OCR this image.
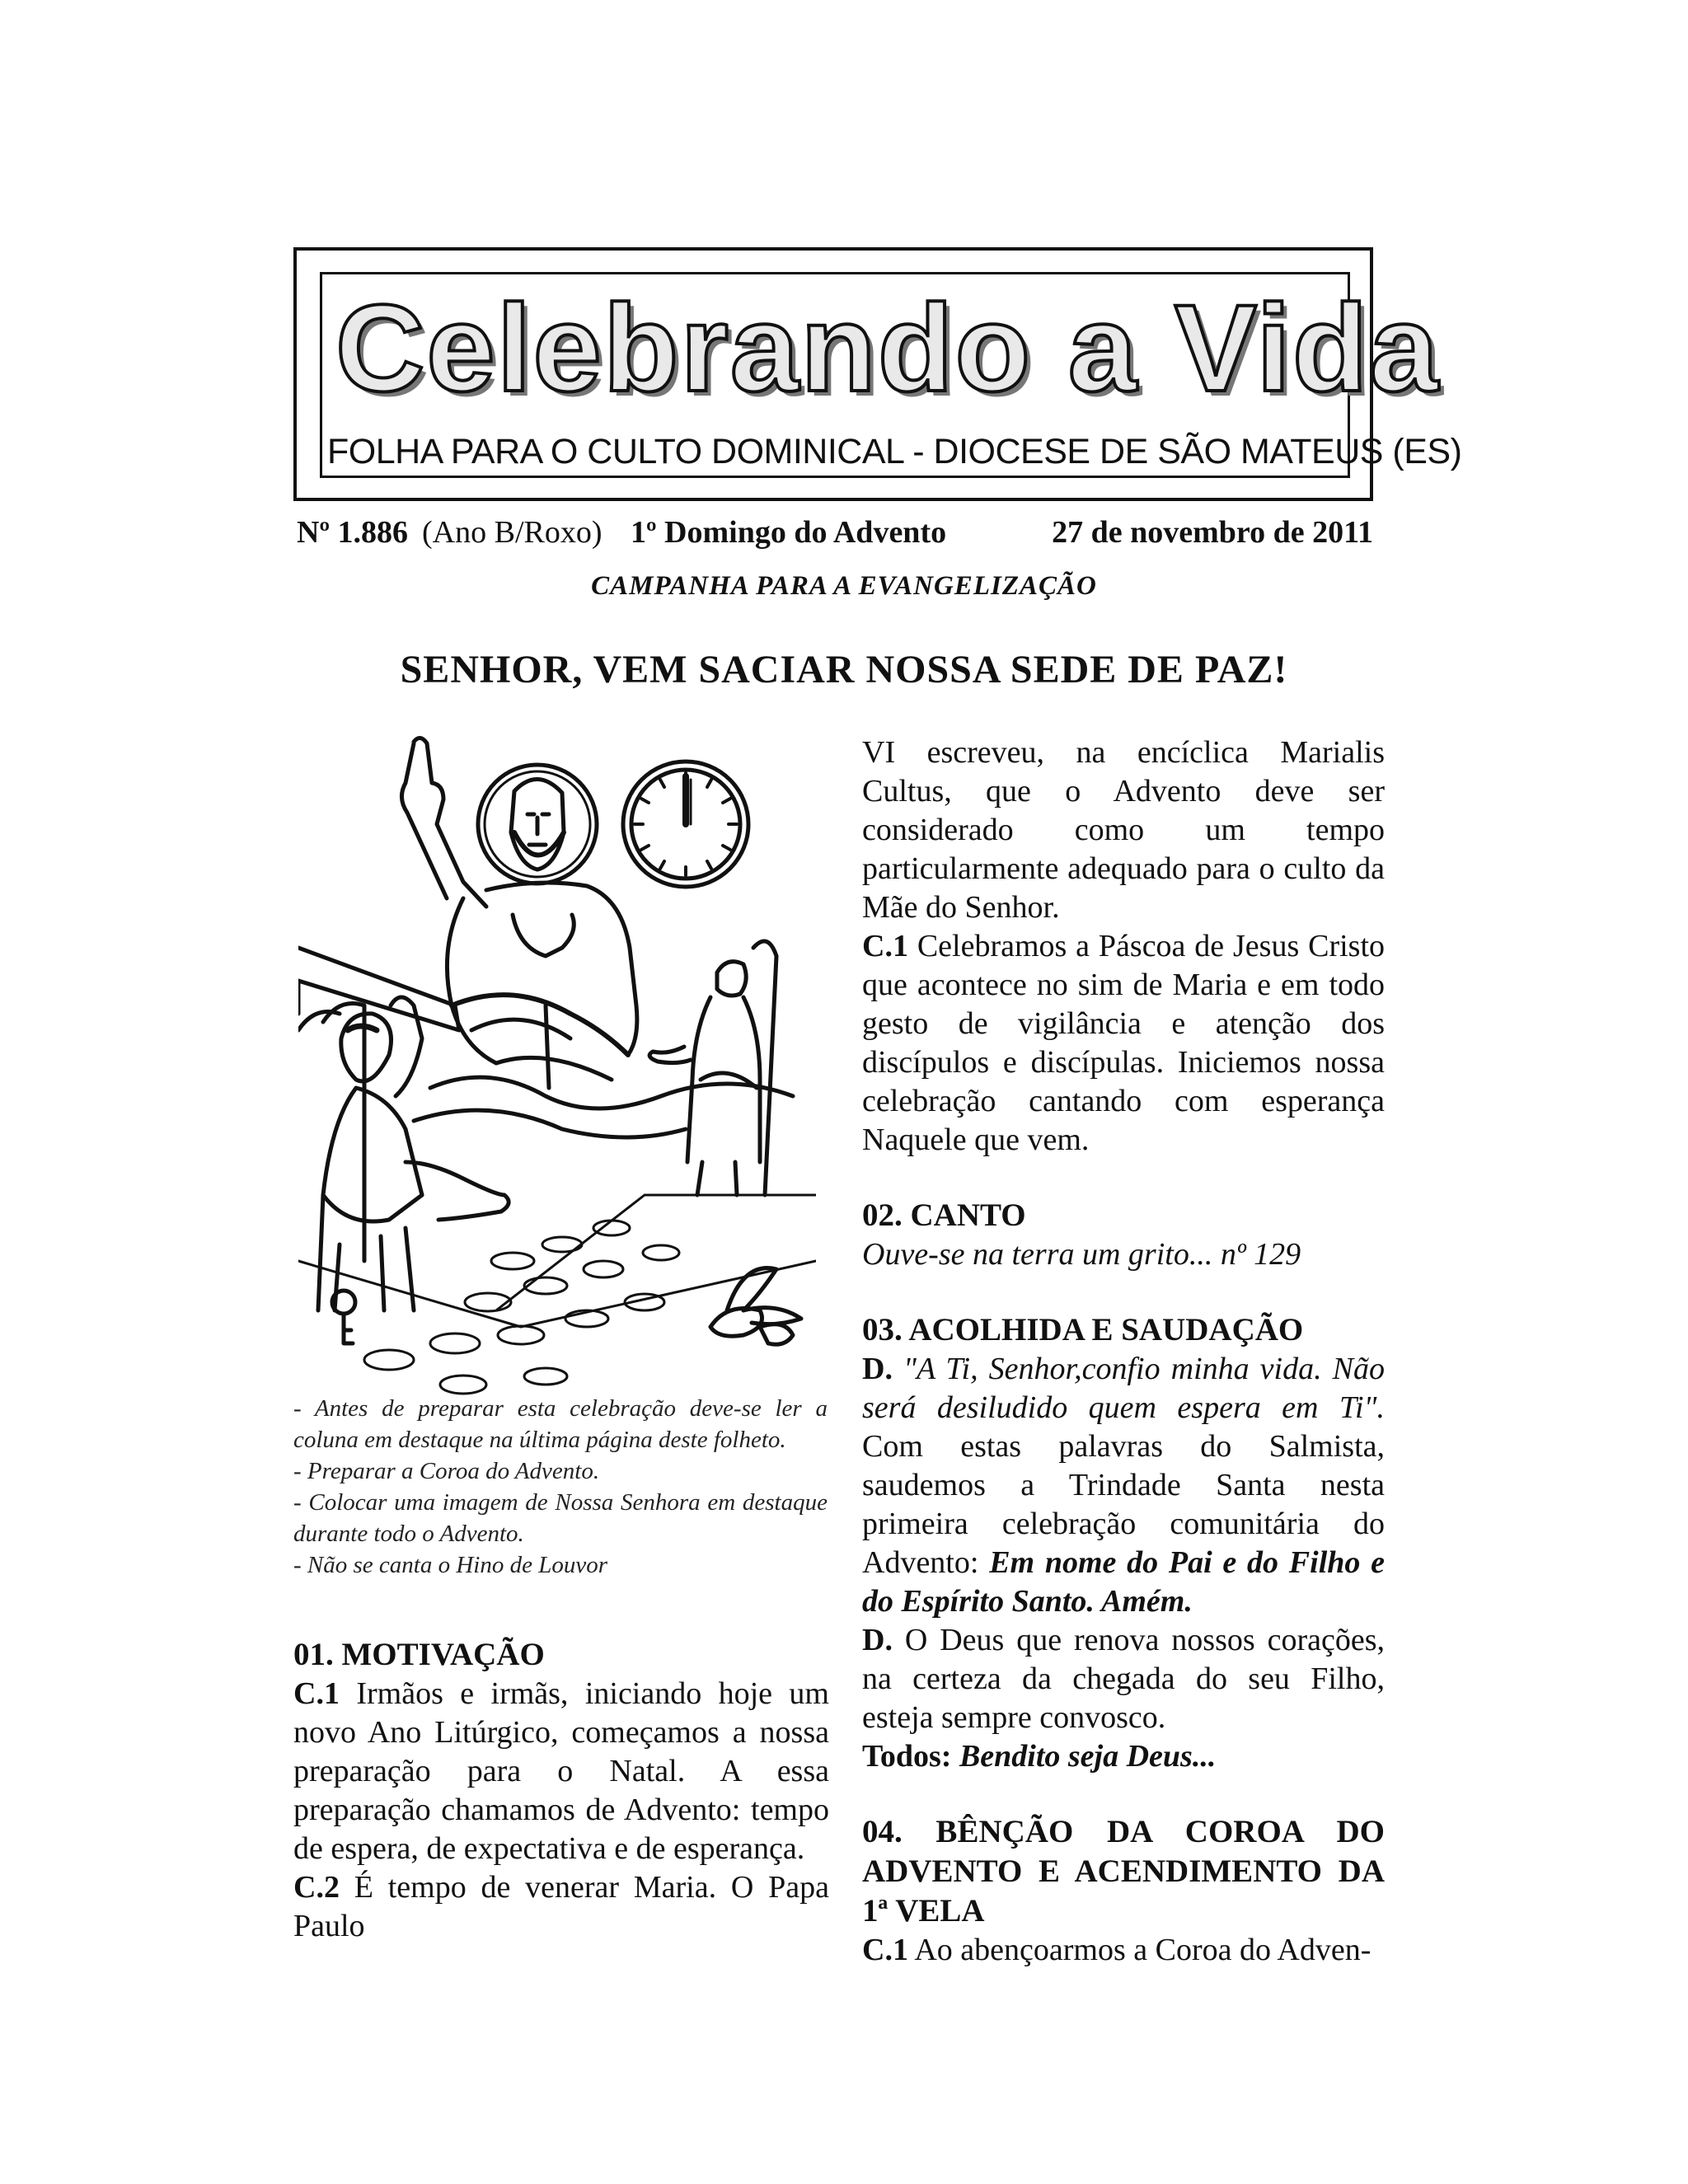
Celebrando a Vida
FOLHA PARA O CULTO DOMINICAL - DIOCESE DE SÃO MATEUS (ES)
Nº 1.886 (Ano B/Roxo) 1º Domingo do Advento	27 de novembro de 2011
CAMPANHA PARA A EVANGELIZAÇÃO
SENHOR, VEM SACIAR NOSSA SEDE DE PAZ!
- Antes de preparar esta celebração deve-se ler a coluna em destaque na última página deste folheto.
- Preparar a Coroa do Advento.
- Colocar uma imagem de Nossa Senhora em destaque durante todo o Advento.
- Não se canta o Hino de Louvor
01. MOTIVAÇÃO

C.1 Irmãos e irmãs, iniciando hoje um novo Ano Litúrgico, começamos a nossa preparação para o Natal. A essa preparação chamamos de Advento: tempo de espera, de expectativa e de esperança.

C.2 É tempo de venerar Maria. O Papa Paulo

VI escreveu, na encíclica Marialis Cultus, que o Advento deve ser considerado como um tempo particularmente adequado para o culto da Mãe do Senhor.

C.1 Celebramos a Páscoa de Jesus Cristo que acontece no sim de Maria e em todo gesto de vigilância e atenção dos discípulos e discípulas. Iniciemos nossa celebração cantando com esperança Naquele que vem.

02. CANTO

Ouve-se na terra um grito... nº 129

03. ACOLHIDA E SAUDAÇÃO

D. "A Ti, Senhor,confio minha vida. Não será desiludido quem espera em Ti". Com estas palavras do Salmista, saudemos a Trindade Santa nesta primeira celebração comunitária do Advento: Em nome do Pai e do Filho e do Espírito Santo. Amém.

D. O Deus que renova nossos corações, na certeza da chegada do seu Filho, esteja sempre convosco.

Todos: Bendito seja Deus...

04. BÊNÇÃO DA COROA DO ADVENTO E ACENDIMENTO DA 1ª VELA

C.1 Ao abençoarmos a Coroa do Adven-
